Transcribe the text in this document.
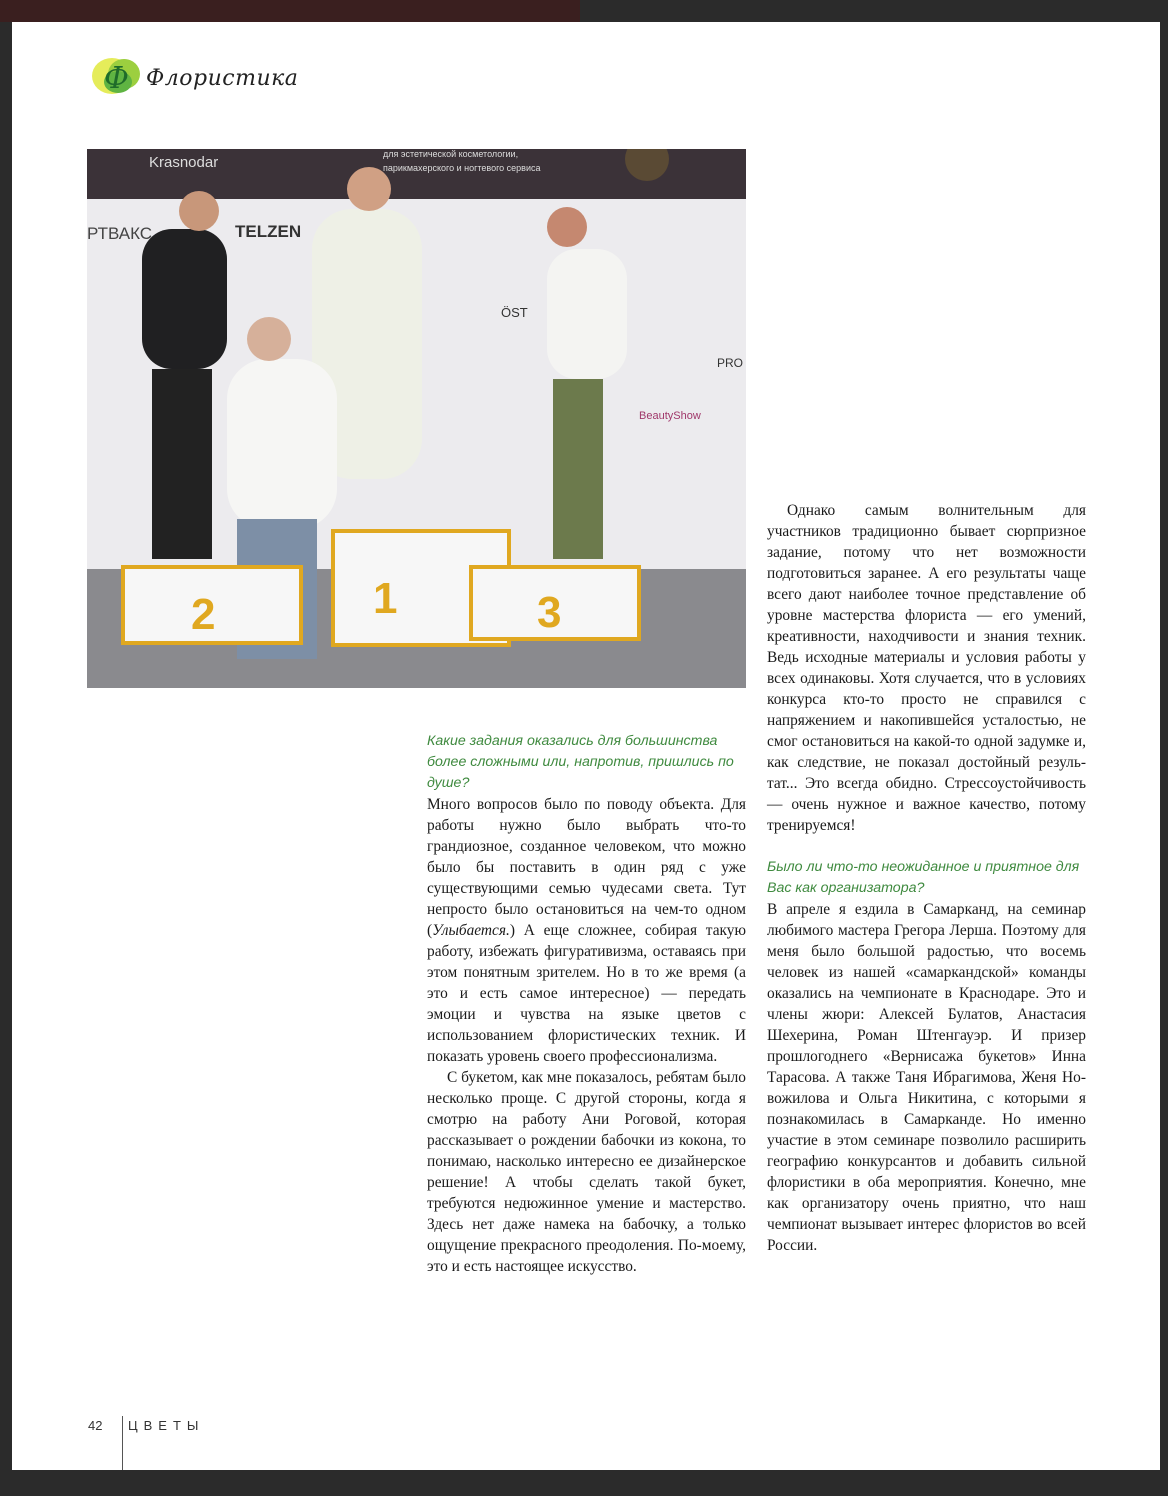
Ф Флористика
Krasnodar	для эстетической косметологии,
парикмахерского и ногтевого сервиса
РТВАКС	TELZEN
ÖST
BeautyShow
PRO
2	1	3

Какие задания оказались для большинства более сложными или, напротив, пришлись по душе?

Много вопросов было по поводу объекта. Для работы нужно было выбрать что-то грандиозное, созданное человеком, что можно было бы поставить в один ряд с уже существующими семью чудесами света. Тут непросто было остановиться на чем-то одном (Улыбается.) А еще сложнее, собирая такую работу, избежать фигуративизма, оставаясь при этом понятным зрителем. Но в то же время (а это и есть самое интересное) — передать эмоции и чувства на языке цветов с использованием флористических техник. И показать уровень своего профессионализма.

С букетом, как мне показалось, ребятам было несколько проще. С другой стороны, когда я смотрю на работу Ани Роговой, которая рассказывает о рождении бабочки из кокона, то понимаю, насколько интересно ее дизайнерское решение! А чтобы сделать такой букет, требуются недюжинное умение и мастерство. Здесь нет даже намека на бабочку, а только ощущение прекрасного преодоления. По-моему, это и есть настоящее искусство.

Однако самым волнительным для участников традиционно бывает сюрпризное задание, потому что нет возможности подготовиться заранее. А его результаты чаще всего дают наиболее точное представление об уровне мастерства флориста — его умений, креативности, находчивости и знания техник. Ведь исходные материалы и условия работы у всех одинаковы. Хотя случается, что в условиях конкурса кто-то просто не справился с напряжением и накопившейся усталостью, не смог остановиться на какой-то одной задумке и, как следствие, не показал достойный результат... Это всегда обидно. Стрессоустойчивость — очень нужное и важное качество, потому тренируемся!

Было ли что-то неожиданное и приятное для Вас как организатора?

В апреле я ездила в Самарканд, на семинар любимого мастера Грегора Лерша. Поэтому для меня было большой радостью, что восемь человек из нашей «самаркандской» команды оказались на чемпионате в Краснодаре. Это и члены жюри: Алексей Булатов, Анастасия Шехерина, Роман Штенгауэр. И призер прошлогоднего «Вернисажа букетов» Инна Тарасова. А также Таня Ибрагимова, Женя Новожилова и Ольга Никитина, с которыми я познакомилась в Самарканде. Но именно участие в этом семинаре позволило расширить географию конкурсантов и добавить сильной флористики в оба мероприятия. Конечно, мне как организатору очень приятно, что наш чемпионат вызывает интерес флористов во всей России.

42 ЦВЕТЫ
